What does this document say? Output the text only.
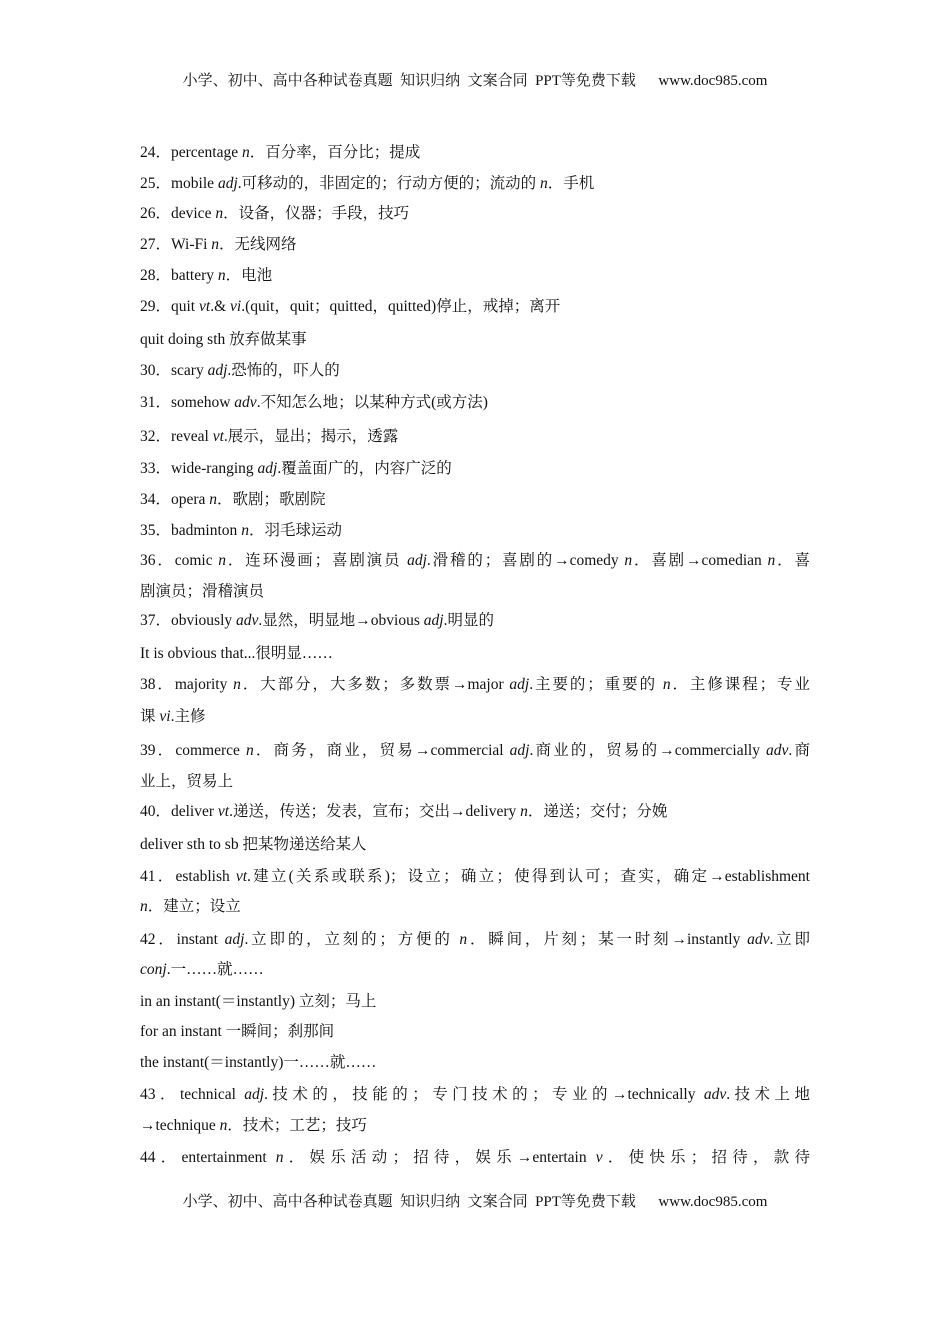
小学、初中、高中各种试卷真题  知识归纳  文案合同  PPT等免费下载      www.doc985.com
24．percentage n．百分率，百分比；提成
25．mobile adj.可移动的，非固定的；行动方便的；流动的 n．手机
26．device n．设备，仪器；手段，技巧
27．Wi-Fi n．无线网络
28．battery n．电池
29．quit vt.& vi.(quit，quit；quitted，quitted)停止，戒掉；离开
quit doing sth 放弃做某事
30．scary adj.恐怖的，吓人的
31．somehow adv.不知怎么地；以某种方式(或方法)
32．reveal vt.展示，显出；揭示，透露
33．wide-ranging adj.覆盖面广的，内容广泛的
34．opera n．歌剧；歌剧院
35．badminton n．羽毛球运动
36．comic n．连环漫画；喜剧演员 adj.滑稽的；喜剧的→comedy n．喜剧→comedian n．喜
剧演员；滑稽演员
37．obviously adv.显然，明显地→obvious adj.明显的
It is obvious that...很明显……
38．majority n．大部分，大多数；多数票→major adj.主要的；重要的 n．主修课程；专业
课 vi.主修
39．commerce n．商务，商业，贸易→commercial adj.商业的，贸易的→commercially adv.商
业上，贸易上
40．deliver vt.递送，传送；发表，宣布；交出→delivery n．递送；交付；分娩
deliver sth to sb 把某物递送给某人
41．establish vt.建立(关系或联系)；设立；确立；使得到认可；查实，确定→establishment
n．建立；设立
42．instant adj.立即的，立刻的；方便的 n．瞬间，片刻；某一时刻→instantly adv.立即
conj.一……就……
in an instant(＝instantly) 立刻；马上
for an instant 一瞬间；刹那间
the instant(＝instantly)一……就……
43．technical adj.技术的，技能的；专门技术的；专业的→technically adv.技术上地
→technique n．技术；工艺；技巧
44．entertainment n．娱乐活动；招待，娱乐→entertain v．使快乐；招待，款待
小学、初中、高中各种试卷真题  知识归纳  文案合同  PPT等免费下载      www.doc985.com
